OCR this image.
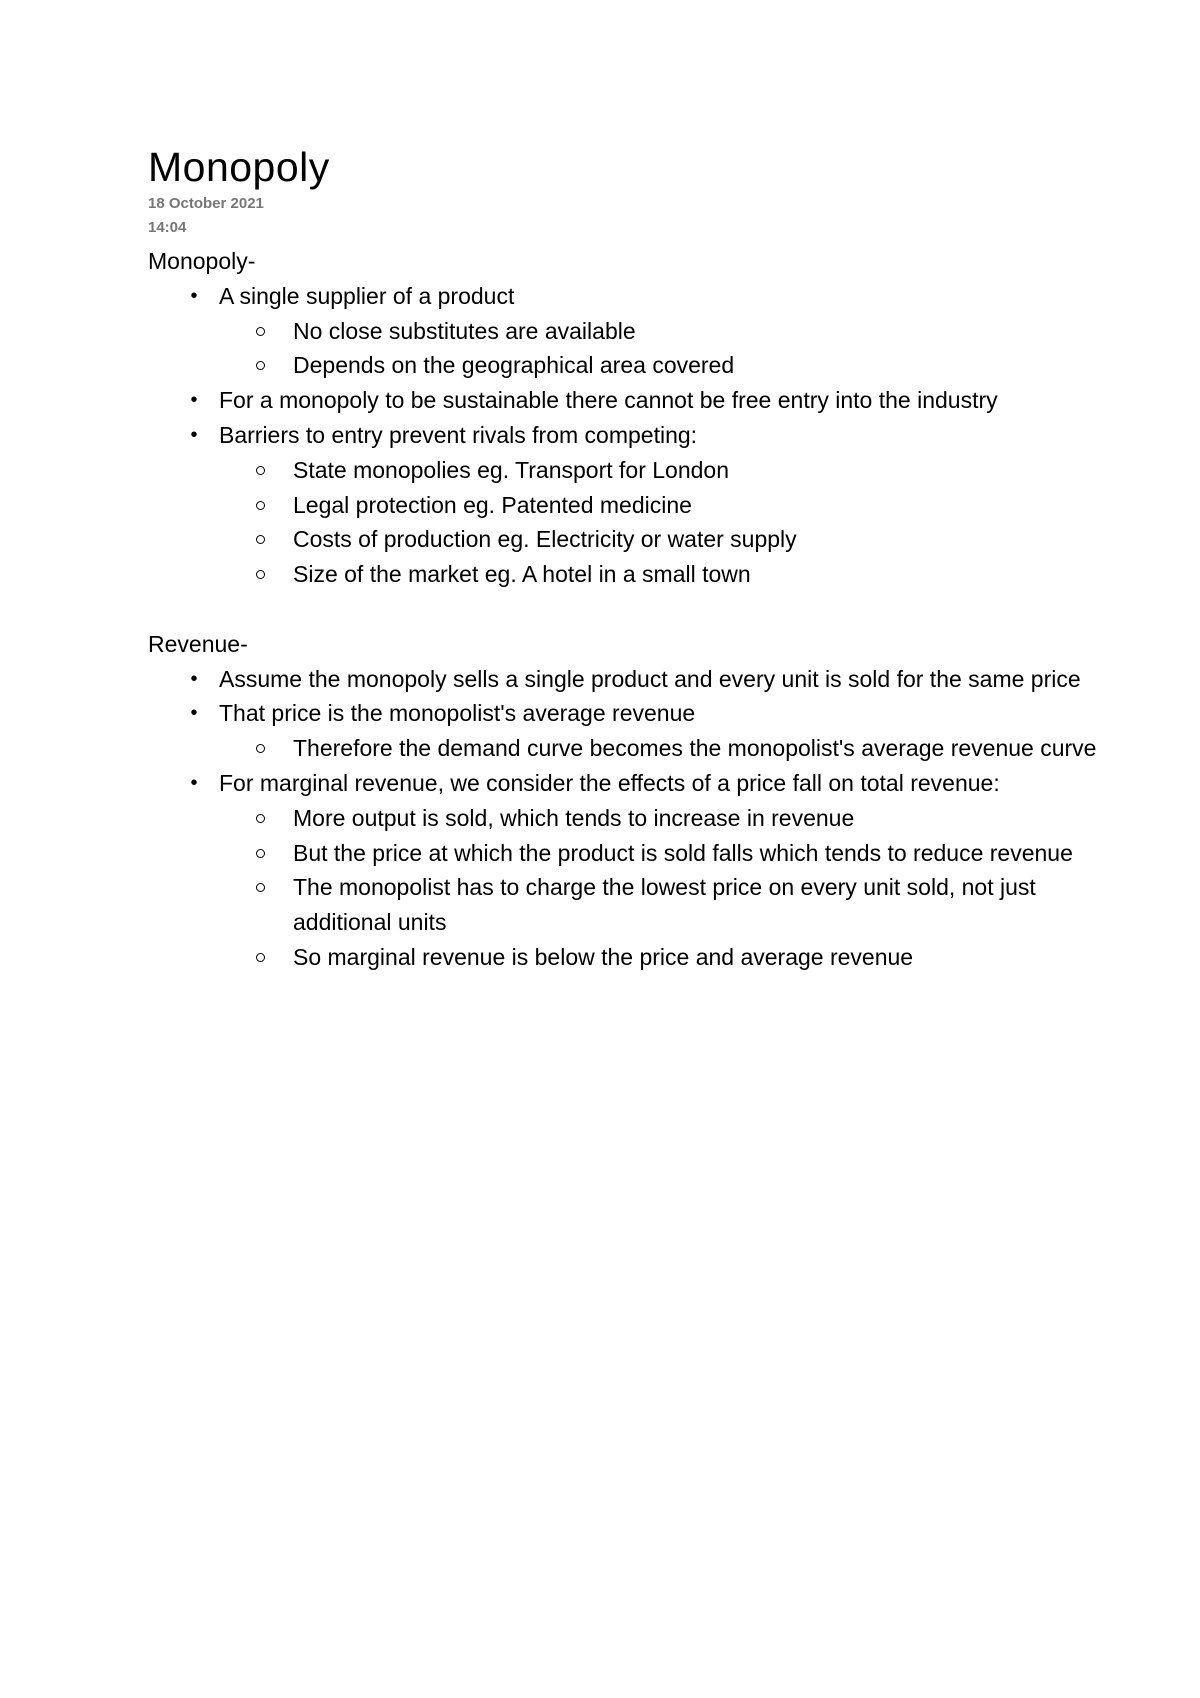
Monopoly
18 October 2021
14:04
Monopoly-
• A single supplier of a product
No close substitutes are available
Depends on the geographical area covered
• For a monopoly to be sustainable there cannot be free entry into the industry
• Barriers to entry prevent rivals from competing:
State monopolies eg. Transport for London
Legal protection eg. Patented medicine
Costs of production eg. Electricity or water supply
Size of the market eg. A hotel in a small town
Revenue-
• Assume the monopoly sells a single product and every unit is sold for the same price
• That price is the monopolist's average revenue
Therefore the demand curve becomes the monopolist's average revenue curve
• For marginal revenue, we consider the effects of a price fall on total revenue:
More output is sold, which tends to increase in revenue
But the price at which the product is sold falls which tends to reduce revenue
The monopolist has to charge the lowest price on every unit sold, not just additional units
So marginal revenue is below the price and average revenue
